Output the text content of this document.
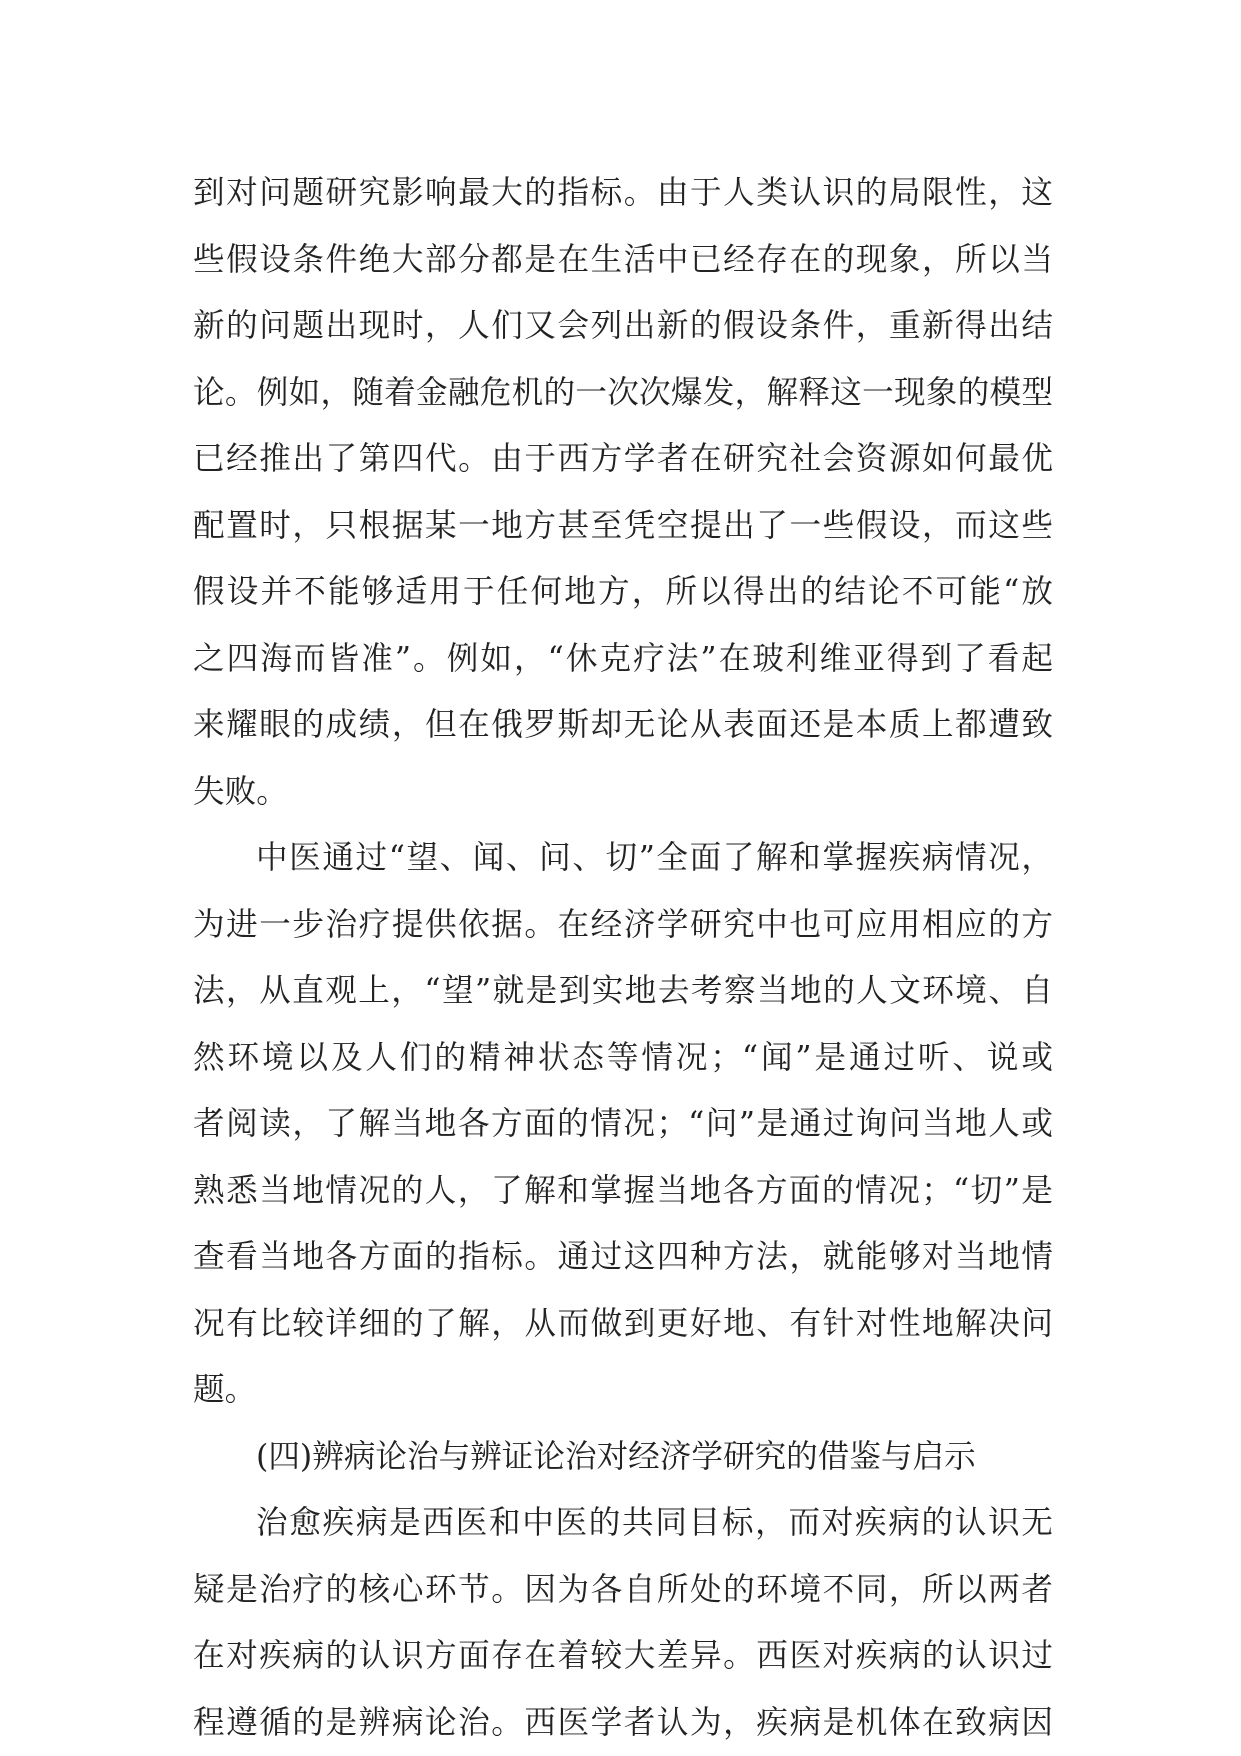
到对问题研究影响最大的指标。由于人类认识的局限性，这
些假设条件绝大部分都是在生活中已经存在的现象，所以当
新的问题出现时，人们又会列出新的假设条件，重新得出结
论。例如，随着金融危机的一次次爆发，解释这一现象的模型
已经推出了第四代。由于西方学者在研究社会资源如何最优
配置时，只根据某一地方甚至凭空提出了一些假设，而这些
假设并不能够适用于任何地方，所以得出的结论不可能“放
之四海而皆准”。例如，“休克疗法”在玻利维亚得到了看起
来耀眼的成绩，但在俄罗斯却无论从表面还是本质上都遭致
失败。
中医通过“望、闻、问、切”全面了解和掌握疾病情况，
为进一步治疗提供依据。在经济学研究中也可应用相应的方
法，从直观上，“望”就是到实地去考察当地的人文环境、自
然环境以及人们的精神状态等情况；“闻”是通过听、说或
者阅读，了解当地各方面的情况；“问”是通过询问当地人或
熟悉当地情况的人，了解和掌握当地各方面的情况；“切”是
查看当地各方面的指标。通过这四种方法，就能够对当地情
况有比较详细的了解，从而做到更好地、有针对性地解决问
题。
(四)辨病论治与辨证论治对经济学研究的借鉴与启示
治愈疾病是西医和中医的共同目标，而对疾病的认识无
疑是治疗的核心环节。因为各自所处的环境不同，所以两者
在对疾病的认识方面存在着较大差异。西医对疾病的认识过
程遵循的是辨病论治。西医学者认为，疾病是机体在致病因
